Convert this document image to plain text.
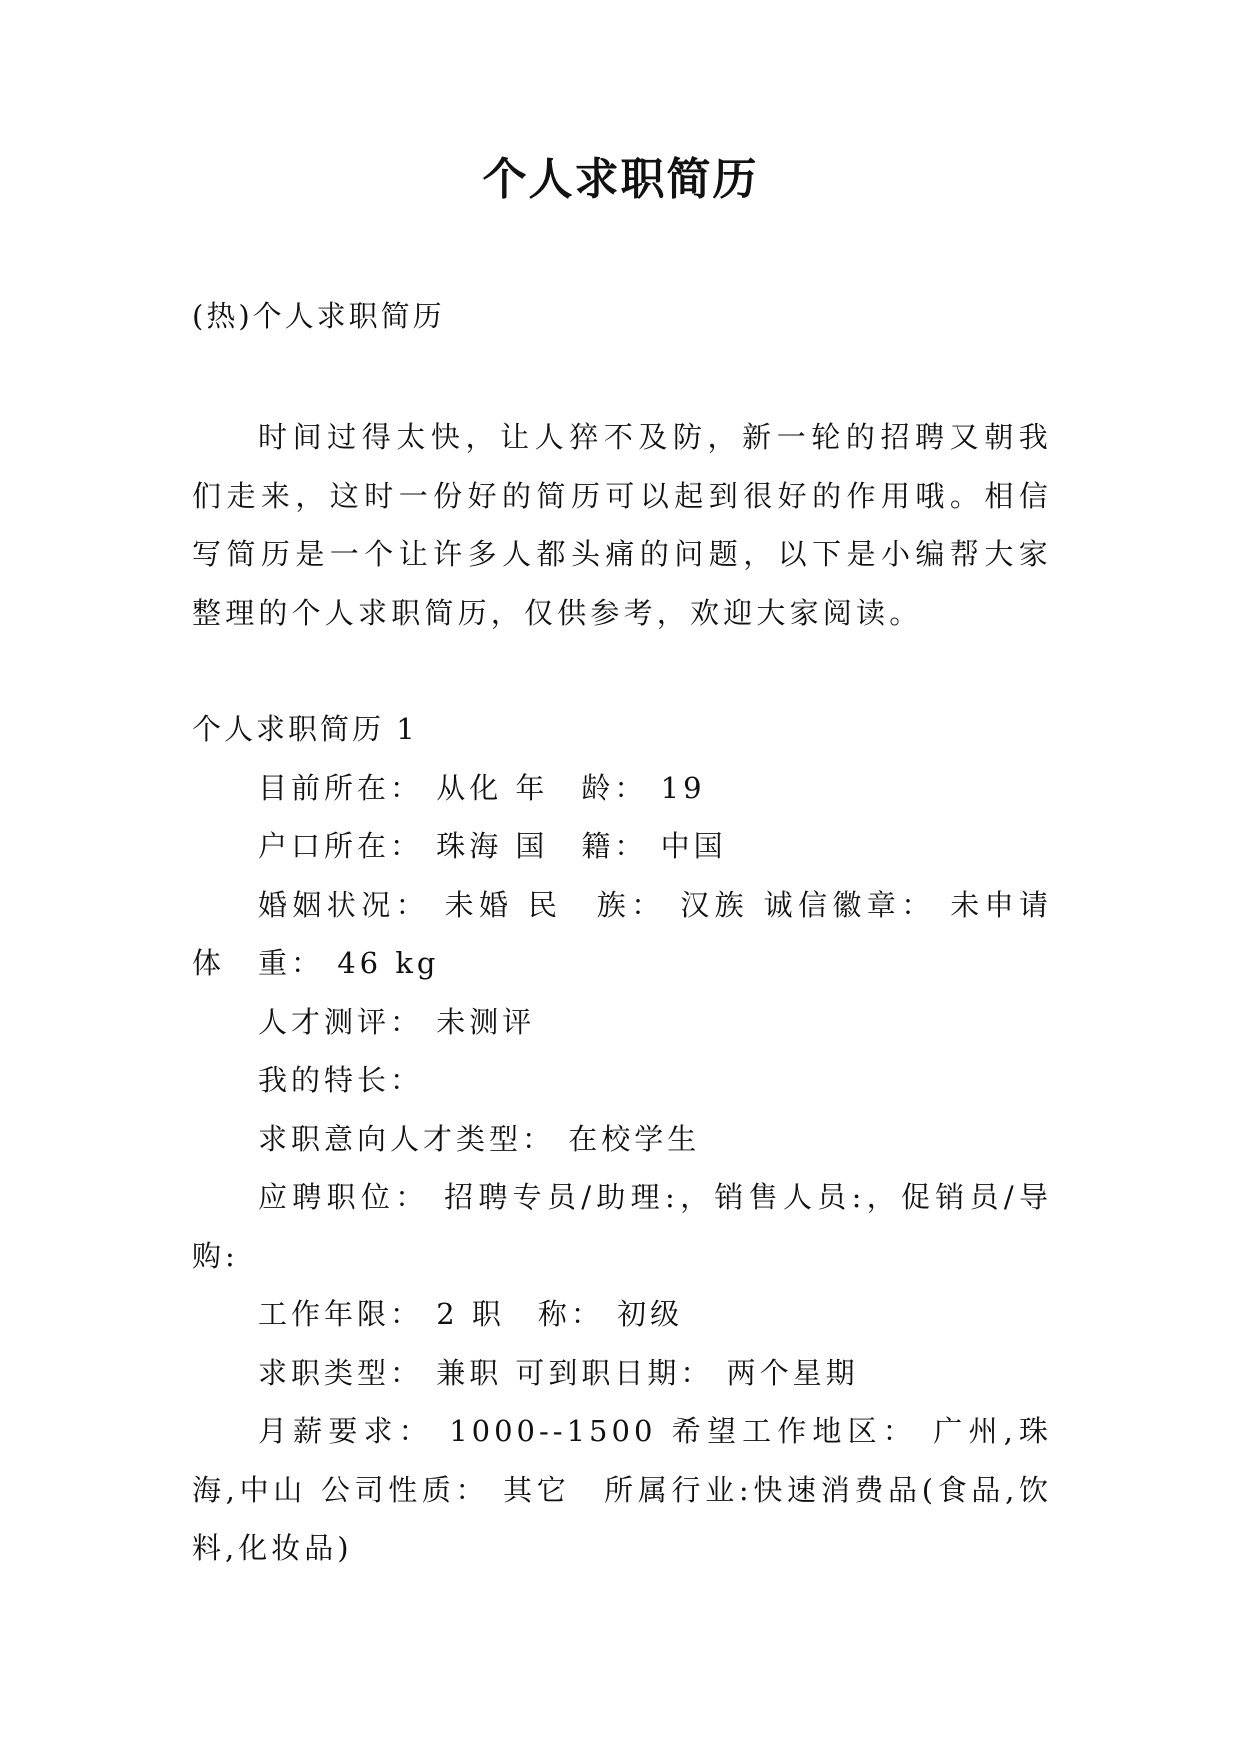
个人求职简历
(热)个人求职简历

时间过得太快，让人猝不及防，新一轮的招聘又朝我们走来，这时一份好的简历可以起到很好的作用哦。相信写简历是一个让许多人都头痛的问题，以下是小编帮大家整理的个人求职简历，仅供参考，欢迎大家阅读。

个人求职简历 1

目前所在： 从化 年　龄： 19

户口所在： 珠海 国　籍： 中国

婚姻状况： 未婚 民　族： 汉族 诚信徽章： 未申请 体　重： 46 kg

人才测评： 未测评

我的特长：

求职意向人才类型： 在校学生

应聘职位： 招聘专员/助理:，销售人员:，促销员/导购:

工作年限： 2 职　称： 初级

求职类型： 兼职 可到职日期： 两个星期

月薪要求： 1000--1500 希望工作地区： 广州,珠海,中山 公司性质： 其它　所属行业:快速消费品(食品,饮料,化妆品)
